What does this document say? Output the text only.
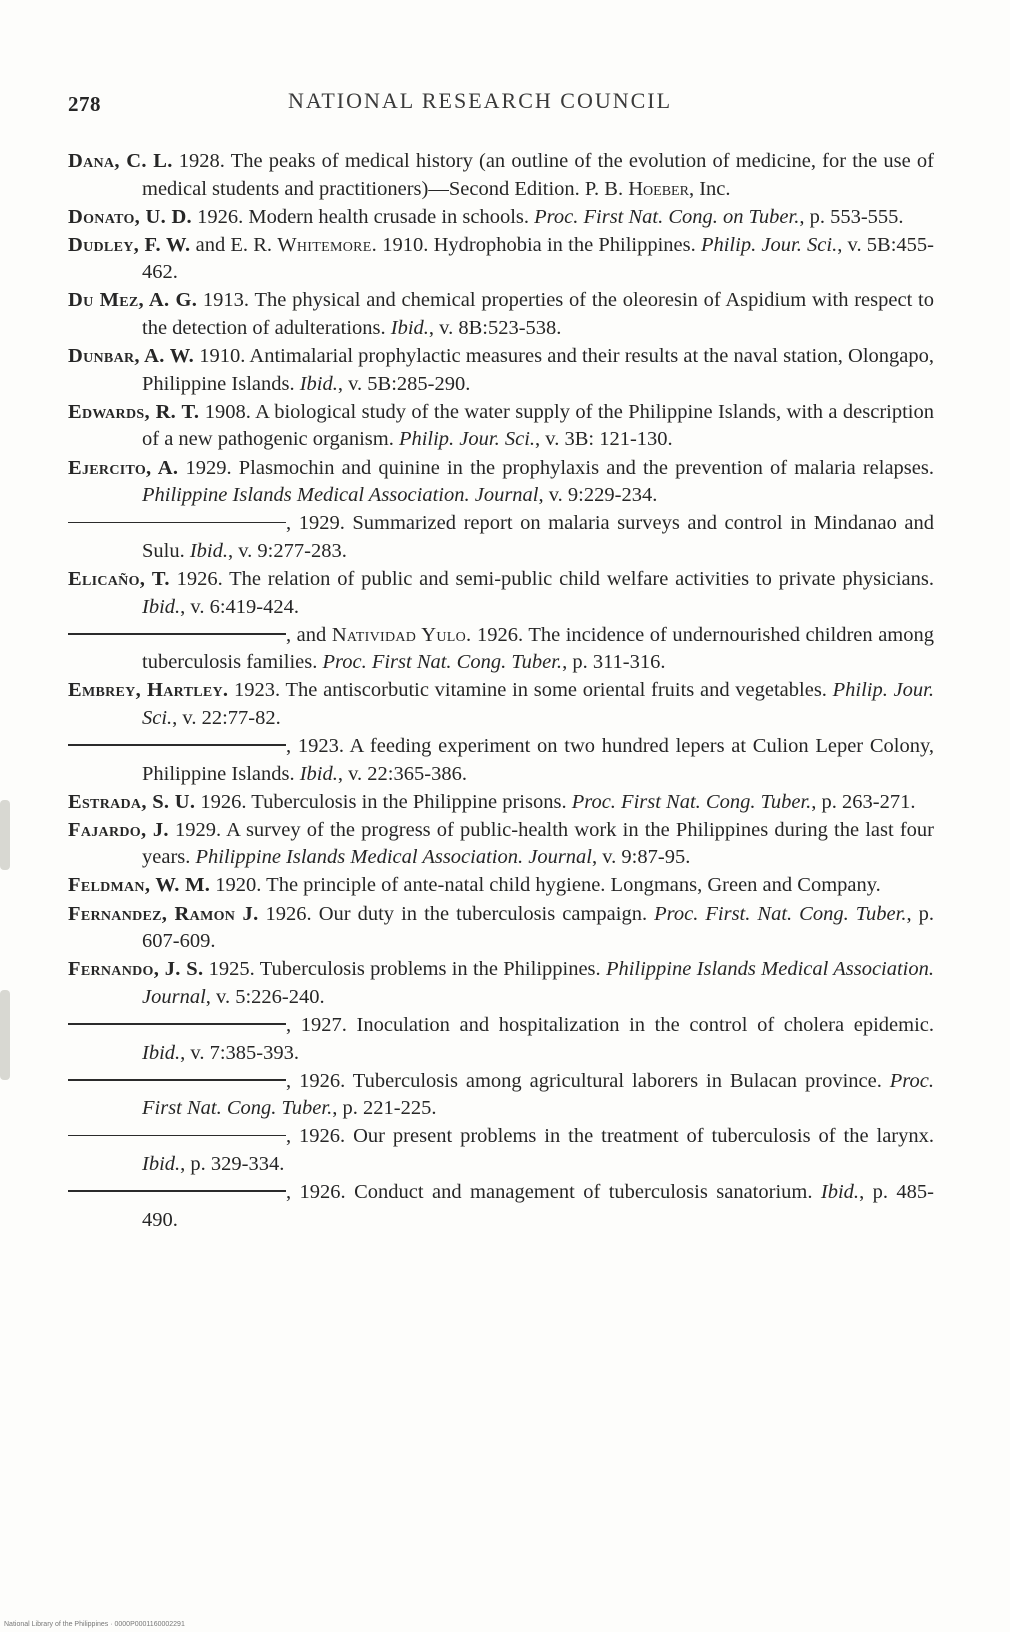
278	NATIONAL RESEARCH COUNCIL

Dana, C. L. 1928. The peaks of medical history (an outline of the evolution of medicine, for the use of medical students and practitioners)—Second Edition. P. B. Hoeber, Inc.

Donato, U. D. 1926. Modern health crusade in schools. Proc. First Nat. Cong. on Tuber., p. 553-555.

Dudley, F. W. and E. R. Whitemore. 1910. Hydrophobia in the Philippines. Philip. Jour. Sci., v. 5B:455-462.

Du Mez, A. G. 1913. The physical and chemical properties of the oleoresin of Aspidium with respect to the detection of adulterations. Ibid., v. 8B:523-538.

Dunbar, A. W. 1910. Antimalarial prophylactic measures and their results at the naval station, Olongapo, Philippine Islands. Ibid., v. 5B:285-290.

Edwards, R. T. 1908. A biological study of the water supply of the Philippine Islands, with a description of a new pathogenic organism. Philip. Jour. Sci., v. 3B: 121-130.

Ejercito, A. 1929. Plasmochin and quinine in the prophylaxis and the prevention of malaria relapses. Philippine Islands Medical Association. Journal, v. 9:229-234.

, 1929. Summarized report on malaria surveys and control in Mindanao and Sulu. Ibid., v. 9:277-283.

Elicaño, T. 1926. The relation of public and semi-public child welfare activities to private physicians. Ibid., v. 6:419-424.

, and Natividad Yulo. 1926. The incidence of undernourished children among tuberculosis families. Proc. First Nat. Cong. Tuber., p. 311-316.

Embrey, Hartley. 1923. The antiscorbutic vitamine in some oriental fruits and vegetables. Philip. Jour. Sci., v. 22:77-82.

, 1923. A feeding experiment on two hundred lepers at Culion Leper Colony, Philippine Islands. Ibid., v. 22:365-386.

Estrada, S. U. 1926. Tuberculosis in the Philippine prisons. Proc. First Nat. Cong. Tuber., p. 263-271.

Fajardo, J. 1929. A survey of the progress of public-health work in the Philippines during the last four years. Philippine Islands Medical Association. Journal, v. 9:87-95.

Feldman, W. M. 1920. The principle of ante-natal child hygiene. Longmans, Green and Company.

Fernandez, Ramon J. 1926. Our duty in the tuberculosis campaign. Proc. First. Nat. Cong. Tuber., p. 607-609.

Fernando, J. S. 1925. Tuberculosis problems in the Philippines. Philippine Islands Medical Association. Journal, v. 5:226-240.

, 1927. Inoculation and hospitalization in the control of cholera epidemic. Ibid., v. 7:385-393.

, 1926. Tuberculosis among agricultural laborers in Bulacan province. Proc. First Nat. Cong. Tuber., p. 221-225.

, 1926. Our present problems in the treatment of tuberculosis of the larynx. Ibid., p. 329-334.

, 1926. Conduct and management of tuberculosis sanatorium. Ibid., p. 485-490.

National Library of the Philippines · 0000P0001160002291
